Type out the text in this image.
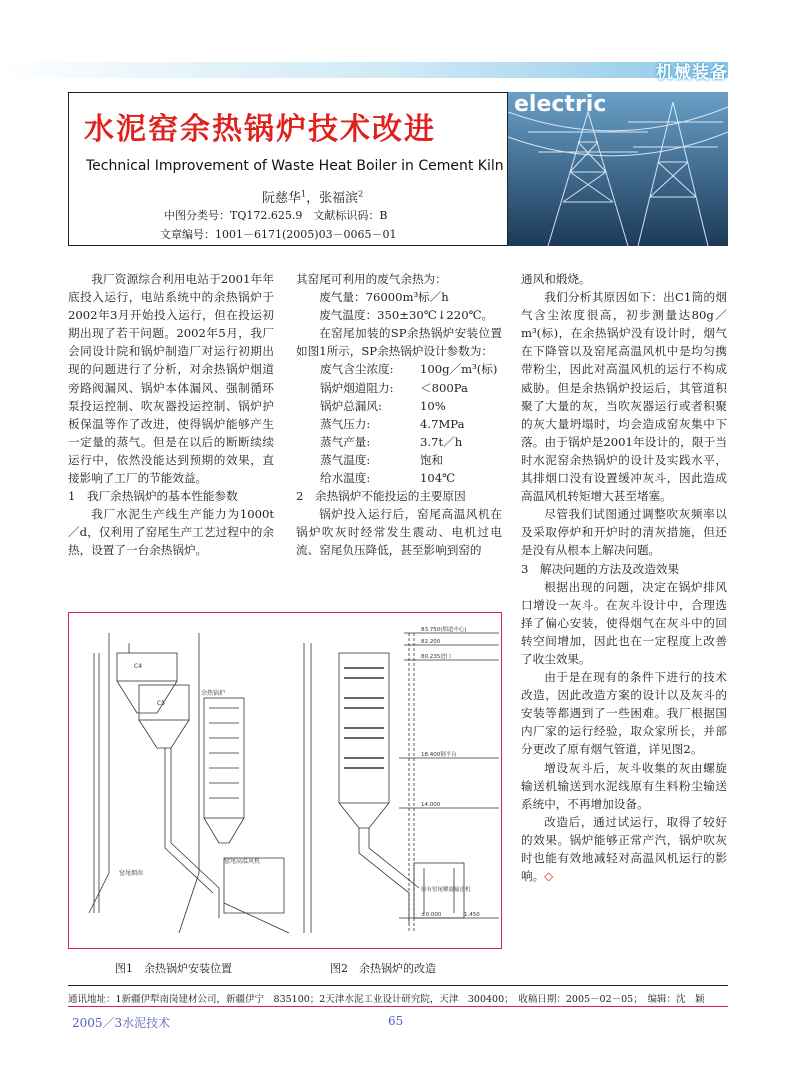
机械装备
水泥窑余热锅炉技术改进
Technical Improvement of Waste Heat Boiler in Cement Kiln
阮慈华$^1$，张福滨$^2$
中图分类号：TQ172.625.9　文献标识码：B
文章编号：1001－6171(2005)03－0065－01
electric

我厂资源综合利用电站于2001年年底投入运行，电站系统中的余热锅炉于2002年3月开始投入运行，但在投运初期出现了若干问题。2002年5月，我厂会同设计院和锅炉制造厂对运行初期出现的问题进行了分析，对余热锅炉烟道旁路阀漏风、锅炉本体漏风、强制循环泵投运控制、吹灰器投运控制、锅炉护板保温等作了改进，使得锅炉能够产生一定量的蒸气。但是在以后的断断续续运行中，依然没能达到预期的效果，直接影响了工厂的节能效益。

1　我厂余热锅炉的基本性能参数

我厂水泥生产线生产能力为1000t／d，仅利用了窑尾生产工艺过程中的余热，设置了一台余热锅炉。

其窑尾可利用的废气余热为：

废气量：76000m³标／h

废气温度：350±30℃↓220℃。

在窑尾加装的SP余热锅炉安装位置如图1所示，SP余热锅炉设计参数为：

废气含尘浓度:	100g／m³(标)
锅炉烟道阻力:	＜800Pa
锅炉总漏风:	10%
蒸气压力:	4.7MPa
蒸气产量:	3.7t／h
蒸气温度:	饱和
给水温度:	104℃

2　余热锅炉不能投运的主要原因

锅炉投入运行后，窑尾高温风机在锅炉吹灰时经常发生震动、电机过电流、窑尾负压降低，甚至影响到窑的

通风和煅烧。

我们分析其原因如下：出C1筒的烟气含尘浓度很高，初步测量达80g／m³(标)，在余热锅炉没有设计时，烟气在下降管以及窑尾高温风机中是均匀携带粉尘，因此对高温风机的运行不构成威胁。但是余热锅炉投运后，其管道积聚了大量的灰，当吹灰器运行或者积聚的灰大量坍塌时，均会造成窑灰集中下落。由于锅炉是2001年设计的，限于当时水泥窑余热锅炉的设计及实践水平，其排烟口没有设置缓冲灰斗，因此造成高温风机转矩增大甚至堵塞。

尽管我们试图通过调整吹灰频率以及采取停炉和开炉时的清灰措施，但还是没有从根本上解决问题。

3　解决问题的方法及改造效果

根据出现的问题，决定在锅炉排风口增设一灰斗。在灰斗设计中，合理选择了偏心安装，使得烟气在灰斗中的回转空间增加，因此也在一定程度上改善了收尘效果。

由于是在现有的条件下进行的技术改造，因此改造方案的设计以及灰斗的安装等都遇到了一些困难。我厂根据国内厂家的运行经验，取众家所长，并部分更改了原有烟气管道，详见图2。

增设灰斗后，灰斗收集的灰由螺旋输送机输送到水泥线原有生料粉尘输送系统中，不再增加设备。

改造后，通过试运行，取得了较好的效果。锅炉能够正常产汽，锅炉吹灰时也能有效地减轻对高温风机运行的影响。◇

C4
C5
余热锅炉
窑尾高温风机
窑尾烟囱
83.750(烟道中心)
82.200
80.235进口
18.400钢平台
14.000
原有窑尾螺旋输送机
±0.000	1.450
图1　余热锅炉安装位置	图2　余热锅炉的改造
通讯地址：1新疆伊犁南岗建材公司，新疆伊宁　835100；2天津水泥工业设计研究院，天津　300400；　收稿日期：2005－02－05；　编辑：沈　颖
2005／3水泥技术	65
